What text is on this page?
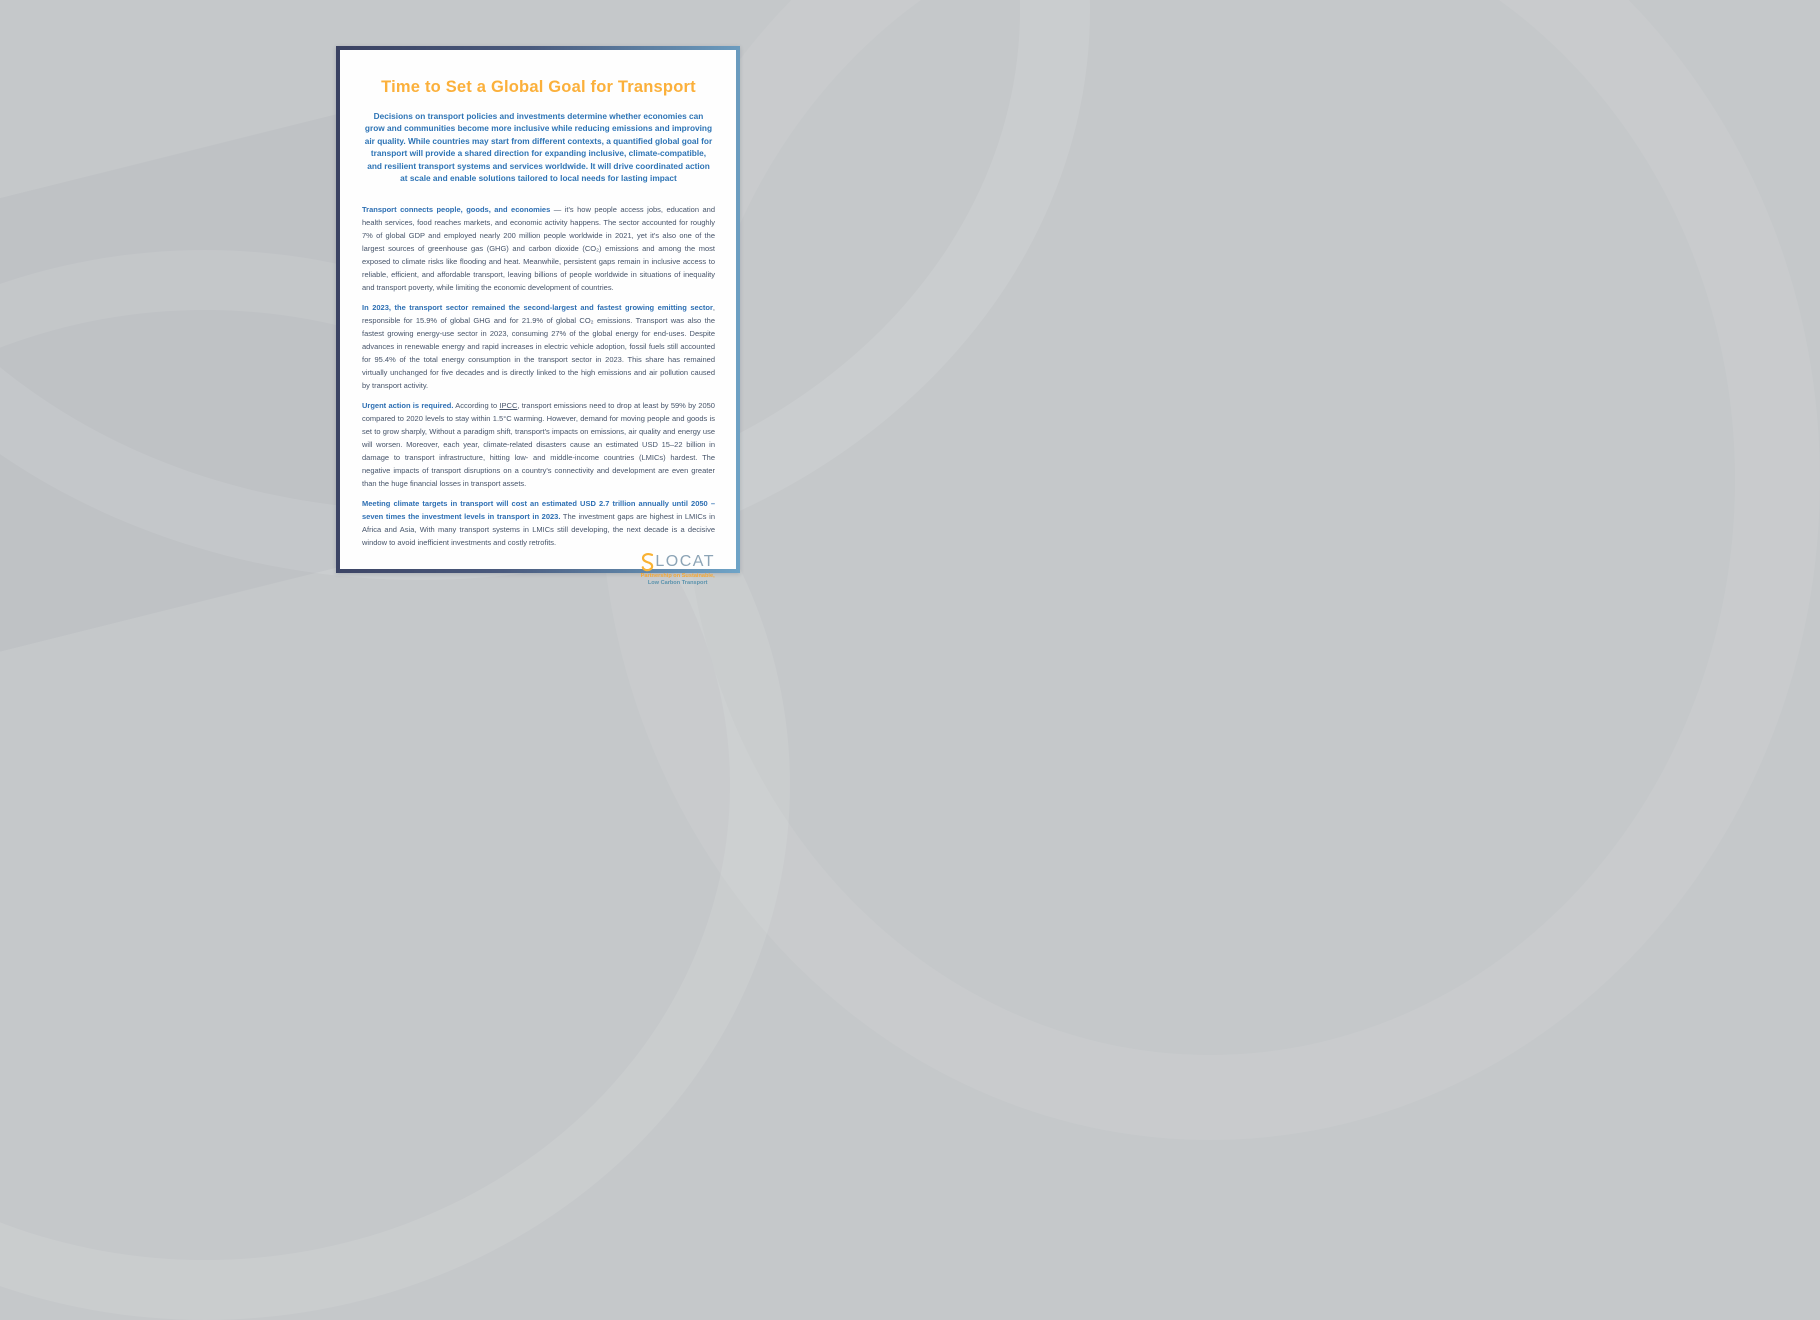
Time to Set a Global Goal for Transport

Decisions on transport policies and investments determine whether economies can grow and communities become more inclusive while reducing emissions and improving air quality. While countries may start from different contexts, a quantified global goal for transport will provide a shared direction for expanding inclusive, climate-compatible, and resilient transport systems and services worldwide. It will drive coordinated action at scale and enable solutions tailored to local needs for lasting impact

Transport connects people, goods, and economies — it's how people access jobs, education and health services, food reaches markets, and economic activity happens. The sector accounted for roughly 7% of global GDP and employed nearly 200 million people worldwide in 2021, yet it's also one of the largest sources of greenhouse gas (GHG) and carbon dioxide (CO₂) emissions and among the most exposed to climate risks like flooding and heat. Meanwhile, persistent gaps remain in inclusive access to reliable, efficient, and affordable transport, leaving billions of people worldwide in situations of inequality and transport poverty, while limiting the economic development of countries.

In 2023, the transport sector remained the second-largest and fastest growing emitting sector, responsible for 15.9% of global GHG and for 21.9% of global CO₂ emissions. Transport was also the fastest growing energy-use sector in 2023, consuming 27% of the global energy for end-uses. Despite advances in renewable energy and rapid increases in electric vehicle adoption, fossil fuels still accounted for 95.4% of the total energy consumption in the transport sector in 2023. This share has remained virtually unchanged for five decades and is directly linked to the high emissions and air pollution caused by transport activity.

Urgent action is required. According to IPCC, transport emissions need to drop at least by 59% by 2050 compared to 2020 levels to stay within 1.5°C warming. However, demand for moving people and goods is set to grow sharply, Without a paradigm shift, transport's impacts on emissions, air quality and energy use will worsen. Moreover, each year, climate-related disasters cause an estimated USD 15–22 billion in damage to transport infrastructure, hitting low- and middle-income countries (LMICs) hardest. The negative impacts of transport disruptions on a country's connectivity and development are even greater than the huge financial losses in transport assets.

Meeting climate targets in transport will cost an estimated USD 2.7 trillion annually until 2050 – seven times the investment levels in transport in 2023. The investment gaps are highest in LMICs in Africa and Asia, With many transport systems in LMICs still developing, the next decade is a decisive window to avoid inefficient investments and costly retrofits.

LOCAT
Partnership on Sustainable,
Low Carbon Transport
